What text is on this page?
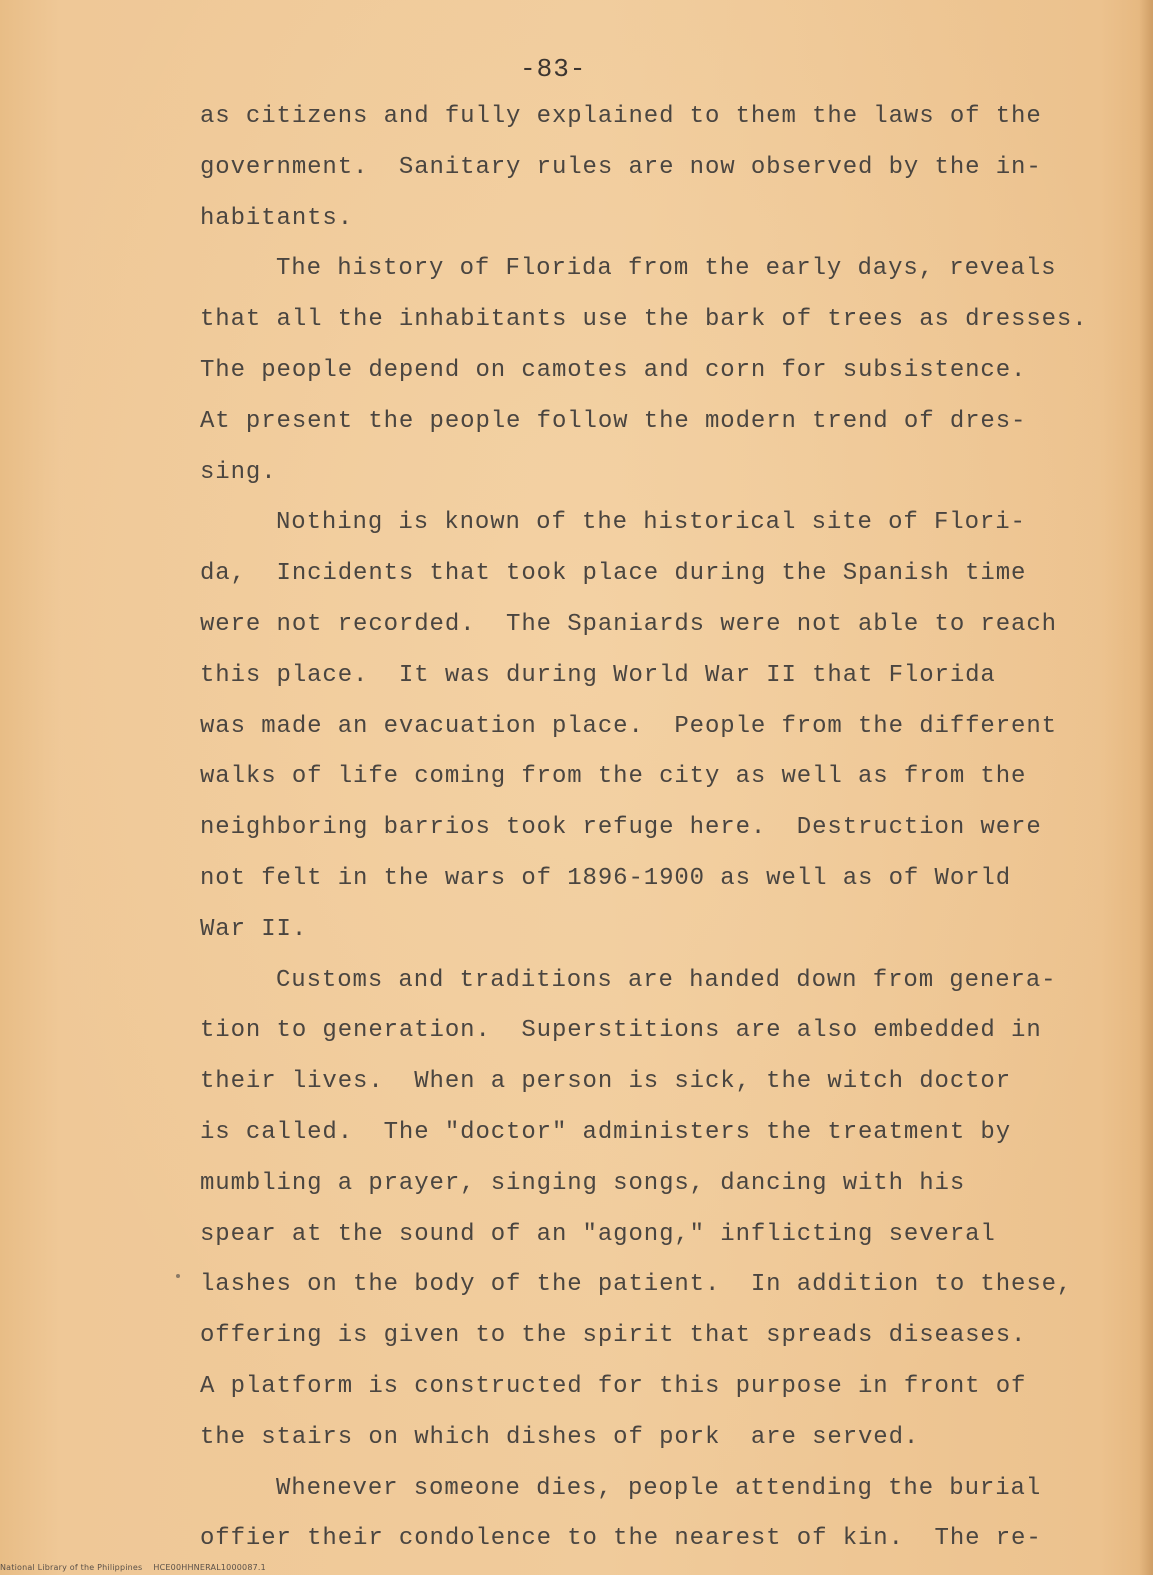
-83-
as citizens and fully explained to them the laws of the
government.  Sanitary rules are now observed by the in-
habitants.
The history of Florida from the early days, reveals
that all the inhabitants use the bark of trees as dresses.
The people depend on camotes and corn for subsistence.
At present the people follow the modern trend of dres-
sing.
Nothing is known of the historical site of Flori-
da,  Incidents that took place during the Spanish time
were not recorded.  The Spaniards were not able to reach
this place.  It was during World War II that Florida
was made an evacuation place.  People from the different
walks of life coming from the city as well as from the
neighboring barrios took refuge here.  Destruction were
not felt in the wars of 1896-1900 as well as of World
War II.
Customs and traditions are handed down from genera-
tion to generation.  Superstitions are also embedded in
their lives.  When a person is sick, the witch doctor
is called.  The "doctor" administers the treatment by
mumbling a prayer, singing songs, dancing with his
spear at the sound of an "agong," inflicting several
lashes on the body of the patient.  In addition to these,
offering is given to the spirit that spreads diseases.
A platform is constructed for this purpose in front of
the stairs on which dishes of pork  are served.
Whenever someone dies, people attending the burial
offier their condolence to the nearest of kin.  The re-
National Library of the Philippines    HCE00HHNERAL1000087.1
